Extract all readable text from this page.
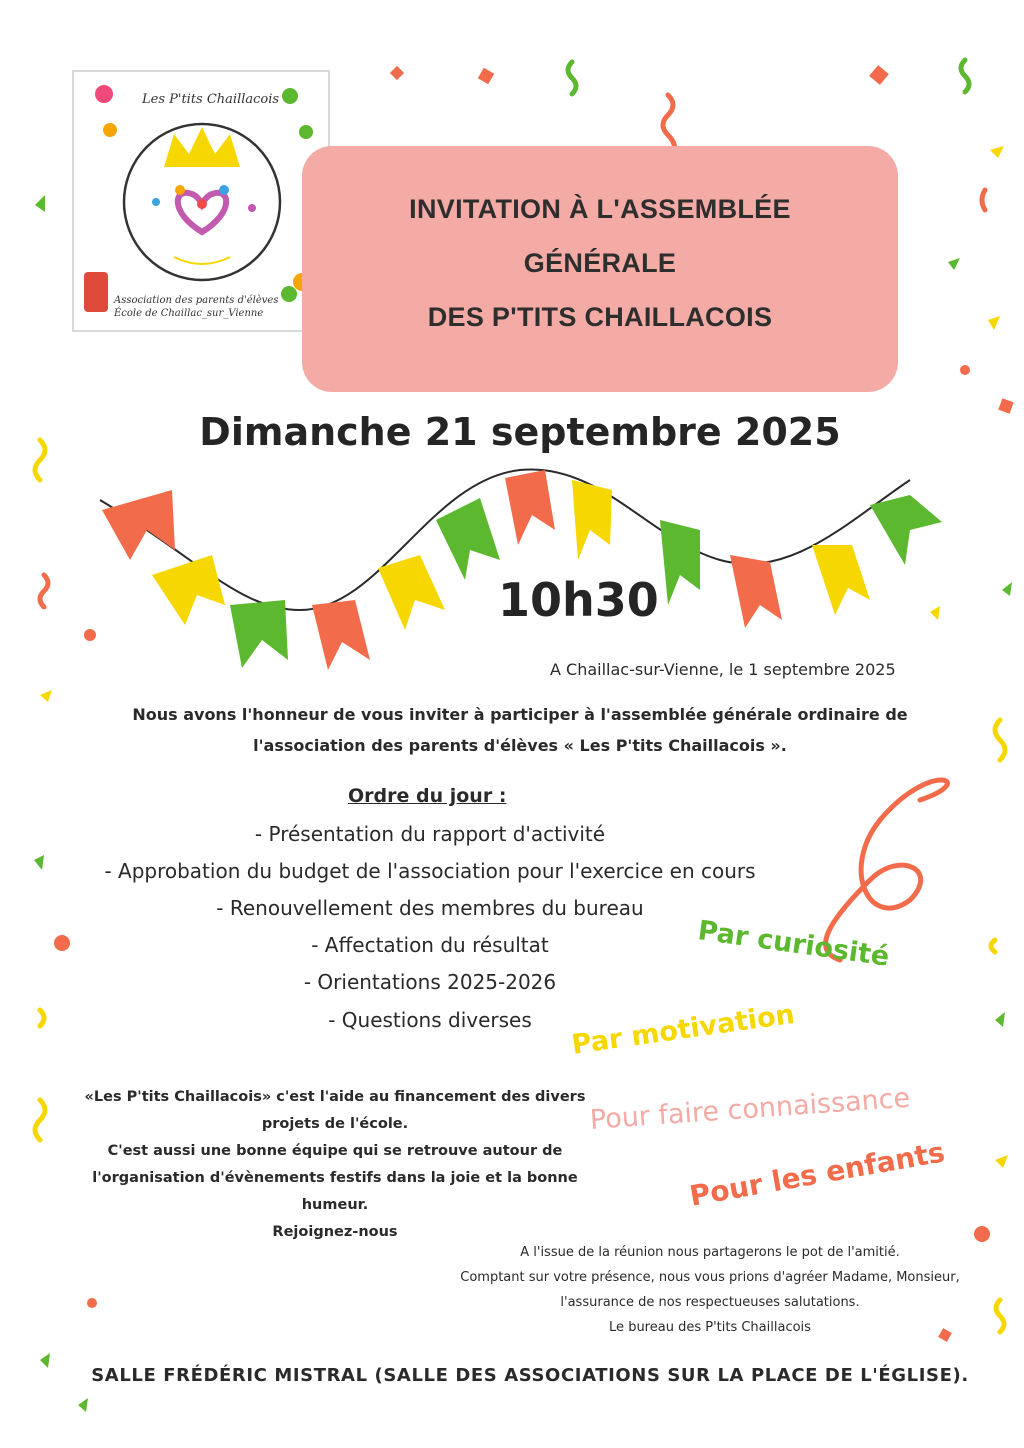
Les P'tits Chaillacois
Association des parents d'élèves
École de Chaillac_sur_Vienne
INVITATION À L'ASSEMBLÉE
GÉNÉRALE
DES P'TITS CHAILLACOIS
Dimanche 21 septembre 2025
10h30
A Chaillac-sur-Vienne, le 1 septembre 2025
Nous avons l'honneur de vous inviter à participer à l'assemblée générale ordinaire de
l'association des parents d'élèves « Les P'tits Chaillacois ».
Ordre du jour :
- Présentation du rapport d'activité
- Approbation du budget de l'association pour l'exercice en cours
- Renouvellement des membres du bureau
- Affectation du résultat
- Orientations 2025-2026
- Questions diverses
Par curiosité
Par motivation
Pour faire connaissance
Pour les enfants
«Les P'tits Chaillacois» c'est l'aide au financement des divers
projets de l'école.
C'est aussi une bonne équipe qui se retrouve autour de
l'organisation d'évènements festifs dans la joie et la bonne
humeur.
Rejoignez-nous
A l'issue de la réunion nous partagerons le pot de l'amitié.
Comptant sur votre présence, nous vous prions d'agréer Madame, Monsieur,
l'assurance de nos respectueuses salutations.
Le bureau des P'tits Chaillacois
SALLE FRÉDÉRIC MISTRAL (SALLE DES ASSOCIATIONS SUR LA PLACE DE L'ÉGLISE).
